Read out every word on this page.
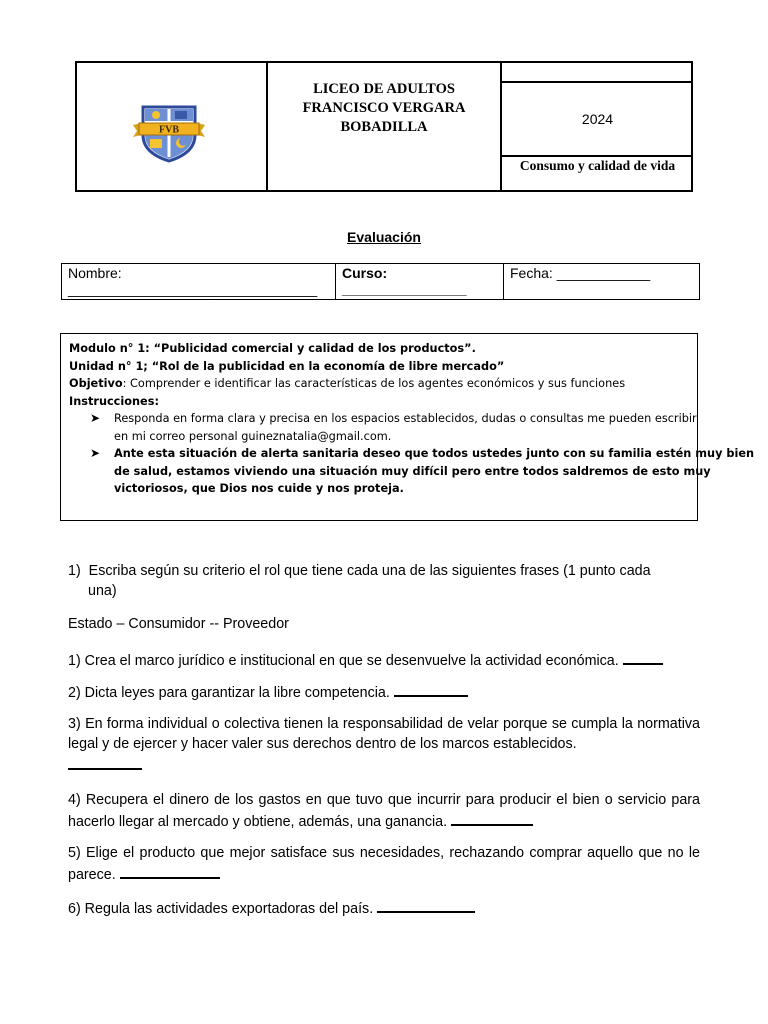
FVB
LICEO DE ADULTOS
FRANCISCO VERGARA
BOBADILLA	2024
Consumo y calidad de vida
Evaluación
Nombre:
________________________________
Curso:
________________
Fecha: ____________
Modulo n° 1: “Publicidad comercial y calidad de los productos”.
Unidad n° 1; “Rol de la publicidad en la economía de libre mercado”
Objetivo: Comprender e identificar las características de los agentes económicos y sus funciones
Instrucciones:
➤ Responda en forma clara y precisa en los espacios establecidos, dudas o consultas me pueden escribir
en mi correo personal guineznatalia@gmail.com.
➤ Ante esta situación de alerta sanitaria deseo que todos ustedes junto con su familia estén muy bien
de salud, estamos viviendo una situación muy difícil pero entre todos saldremos de esto muy
victoriosos, que Dios nos cuide y nos proteja.
1) Escriba según su criterio el rol que tiene cada una de las siguientes frases (1 punto cada
una)
Estado – Consumidor -- Proveedor
1) Crea el marco jurídico e institucional en que se desenvuelve la actividad económica.
2) Dicta leyes para garantizar la libre competencia.
3) En forma individual o colectiva tienen la responsabilidad de velar porque se cumpla la normativa legal y de ejercer y hacer valer sus derechos dentro de los marcos establecidos.
4) Recupera el dinero de los gastos en que tuvo que incurrir para producir el bien o servicio para hacerlo llegar al mercado y obtiene, además, una ganancia.
5) Elige el producto que mejor satisface sus necesidades, rechazando comprar aquello que no le parece.
6) Regula las actividades exportadoras del país.
